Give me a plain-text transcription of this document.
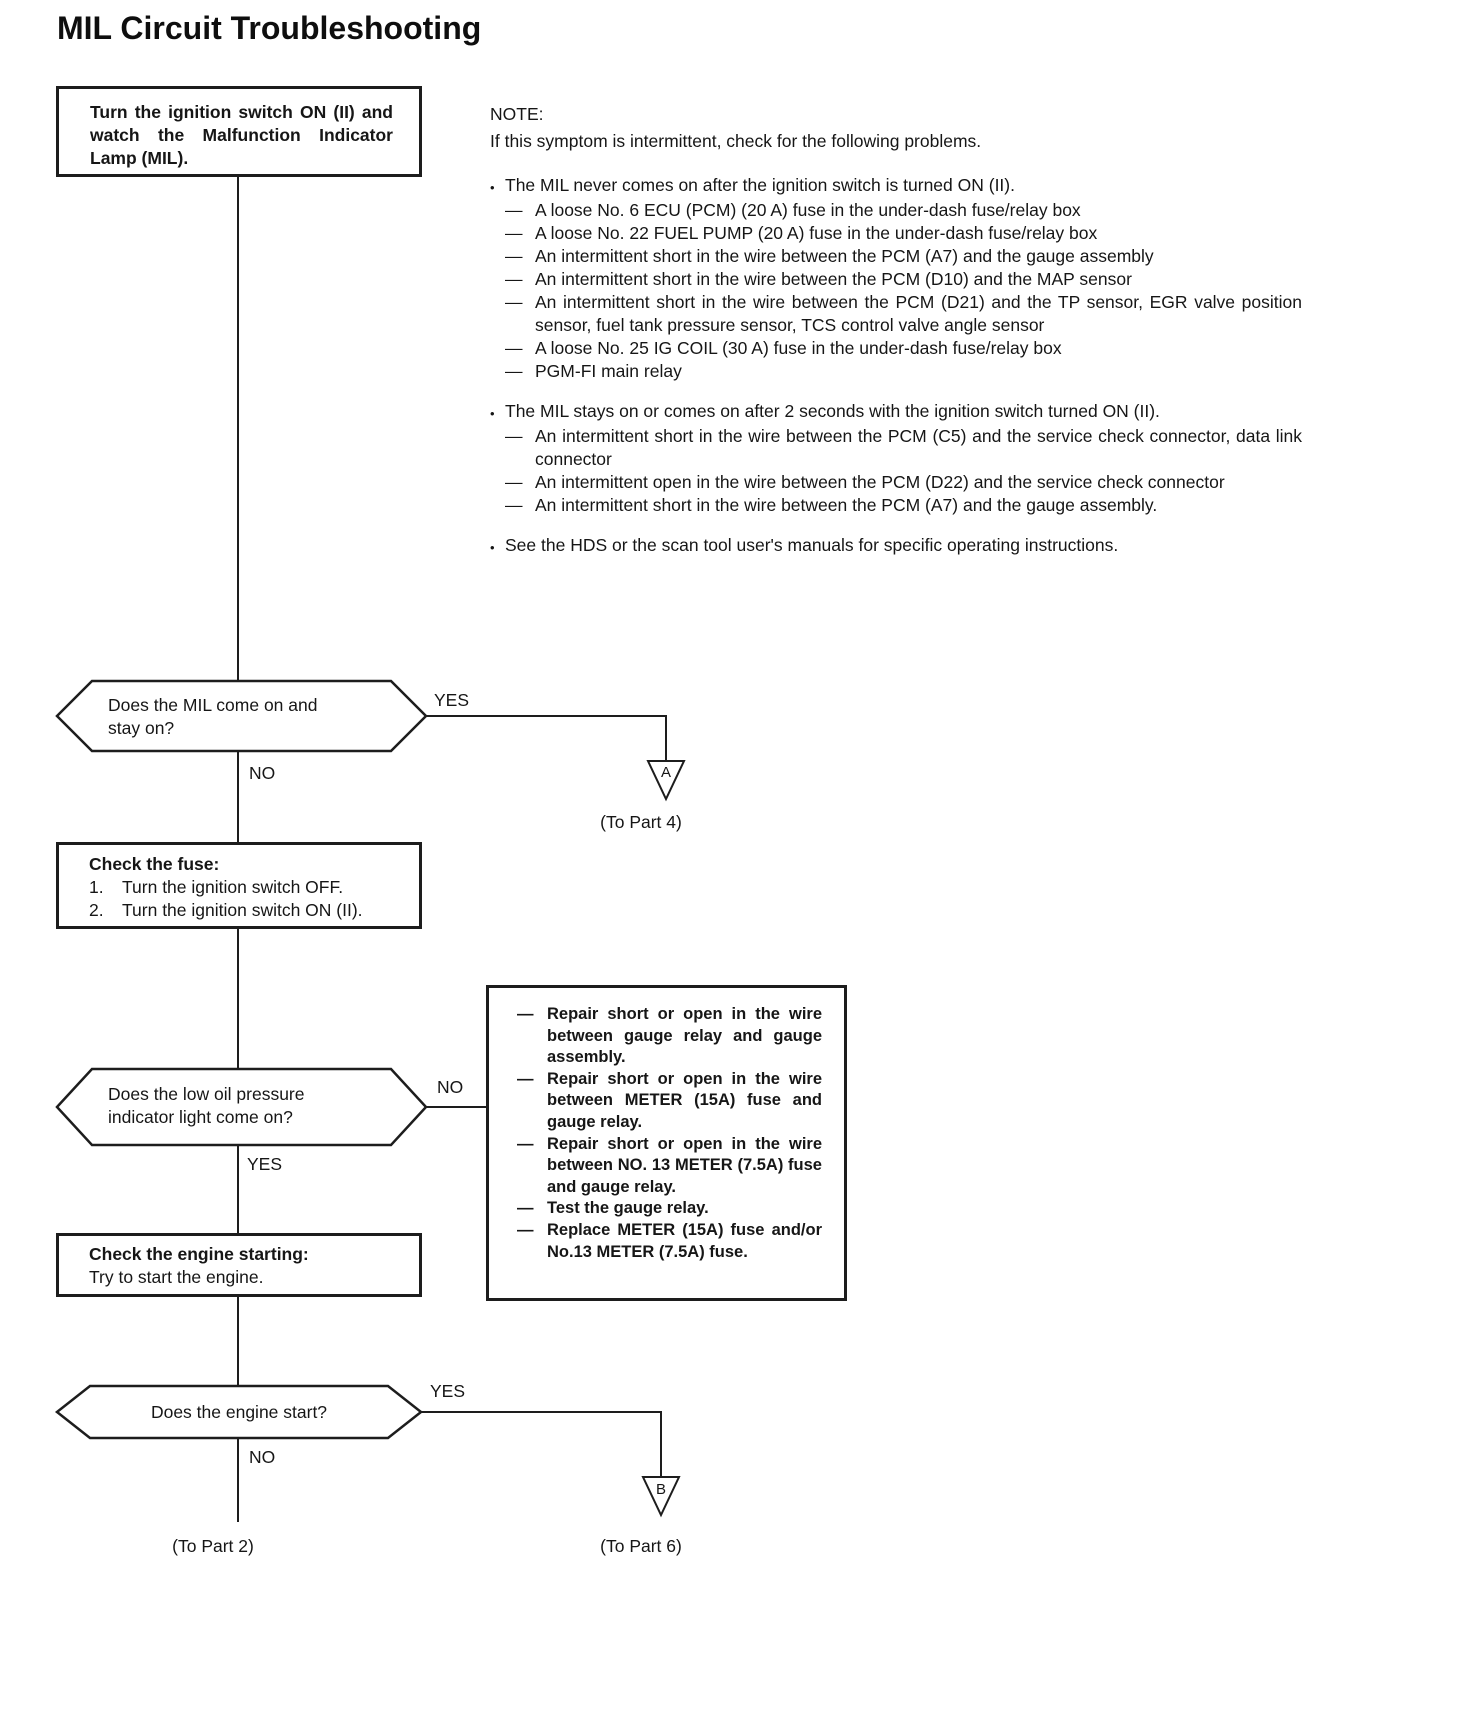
MIL Circuit Troubleshooting
Turn the ignition switch ON (II) and watch the Malfunction Indicator Lamp (MIL).
NOTE:
If this symptom is intermittent, check for the following problems.
• The MIL never comes on after the ignition switch is turned ON (II).
— A loose No. 6 ECU (PCM) (20 A) fuse in the under-dash fuse/relay box
— A loose No. 22 FUEL PUMP (20 A) fuse in the under-dash fuse/relay box
— An intermittent short in the wire between the PCM (A7) and the gauge assembly
— An intermittent short in the wire between the PCM (D10) and the MAP sensor
— An intermittent short in the wire between the PCM (D21) and the TP sensor, EGR valve position sensor, fuel tank pressure sensor, TCS control valve angle sensor
— A loose No. 25 IG COIL (30 A) fuse in the under-dash fuse/relay box
— PGM-FI main relay
• The MIL stays on or comes on after 2 seconds with the ignition switch turned ON (II).
— An intermittent short in the wire between the PCM (C5) and the service check connector, data link connector
— An intermittent open in the wire between the PCM (D22) and the service check connector
— An intermittent short in the wire between the PCM (A7) and the gauge assembly.
• See the HDS or the scan tool user's manuals for specific operating instructions.
Does the MIL come on and stay on?
YES
NO	A
(To Part 4)
Check the fuse:
1.	Turn the ignition switch OFF.
2.	Turn the ignition switch ON (II).
Does the low oil pressure indicator light come on?
NO
YES
— Repair short or open in the wire between gauge relay and gauge assembly.
— Repair short or open in the wire between METER (15A) fuse and gauge relay.
— Repair short or open in the wire between NO. 13 METER (7.5A) fuse and gauge relay.
— Test the gauge relay.
— Replace METER (15A) fuse and/or No.13 METER (7.5A) fuse.
Check the engine starting:
Try to start the engine.
Does the engine start?
YES
NO
B
(To Part 6)
(To Part 2)
